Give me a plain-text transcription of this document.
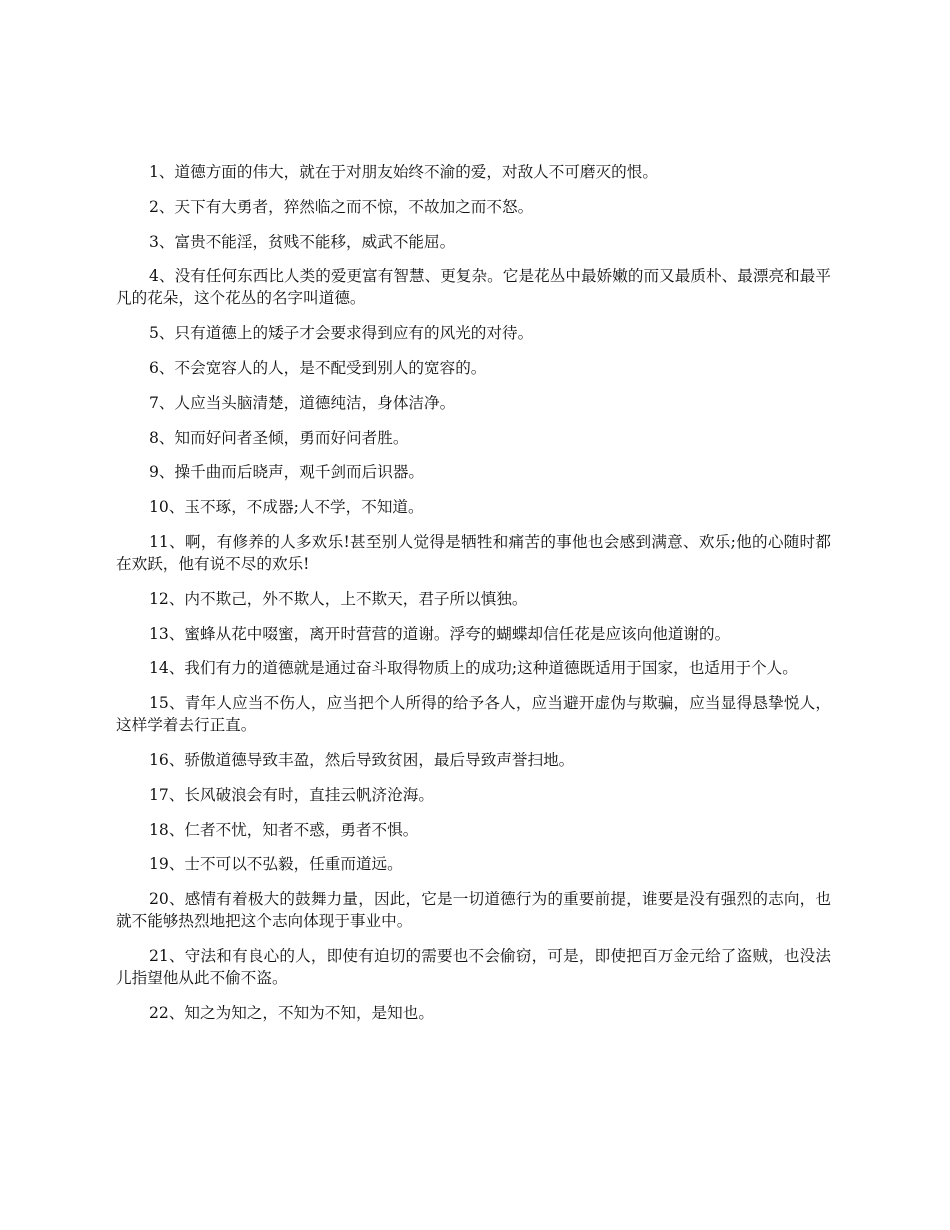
1、道德方面的伟大，就在于对朋友始终不渝的爱，对敌人不可磨灭的恨。

2、天下有大勇者，猝然临之而不惊，不故加之而不怒。

3、富贵不能淫，贫贱不能移，威武不能屈。

4、没有任何东西比人类的爱更富有智慧、更复杂。它是花丛中最娇嫩的而又最质朴、最漂亮和最平凡的花朵，这个花丛的名字叫道德。

5、只有道德上的矮子才会要求得到应有的风光的对待。

6、不会宽容人的人，是不配受到别人的宽容的。

7、人应当头脑清楚，道德纯洁，身体洁净。

8、知而好问者圣倾，勇而好问者胜。

9、操千曲而后晓声，观千剑而后识器。

10、玉不琢，不成器;人不学，不知道。

11、啊，有修养的人多欢乐!甚至别人觉得是牺牲和痛苦的事他也会感到满意、欢乐;他的心随时都在欢跃，他有说不尽的欢乐!

12、内不欺己，外不欺人，上不欺天，君子所以慎独。

13、蜜蜂从花中啜蜜，离开时营营的道谢。浮夸的蝴蝶却信任花是应该向他道谢的。

14、我们有力的道德就是通过奋斗取得物质上的成功;这种道德既适用于国家，也适用于个人。

15、青年人应当不伤人，应当把个人所得的给予各人，应当避开虚伪与欺骗，应当显得恳挚悦人，这样学着去行正直。

16、骄傲道德导致丰盈，然后导致贫困，最后导致声誉扫地。

17、长风破浪会有时，直挂云帆济沧海。

18、仁者不忧，知者不惑，勇者不惧。

19、士不可以不弘毅，任重而道远。

20、感情有着极大的鼓舞力量，因此，它是一切道德行为的重要前提，谁要是没有强烈的志向，也就不能够热烈地把这个志向体现于事业中。

21、守法和有良心的人，即使有迫切的需要也不会偷窃，可是，即使把百万金元给了盗贼，也没法儿指望他从此不偷不盗。

22、知之为知之，不知为不知，是知也。
